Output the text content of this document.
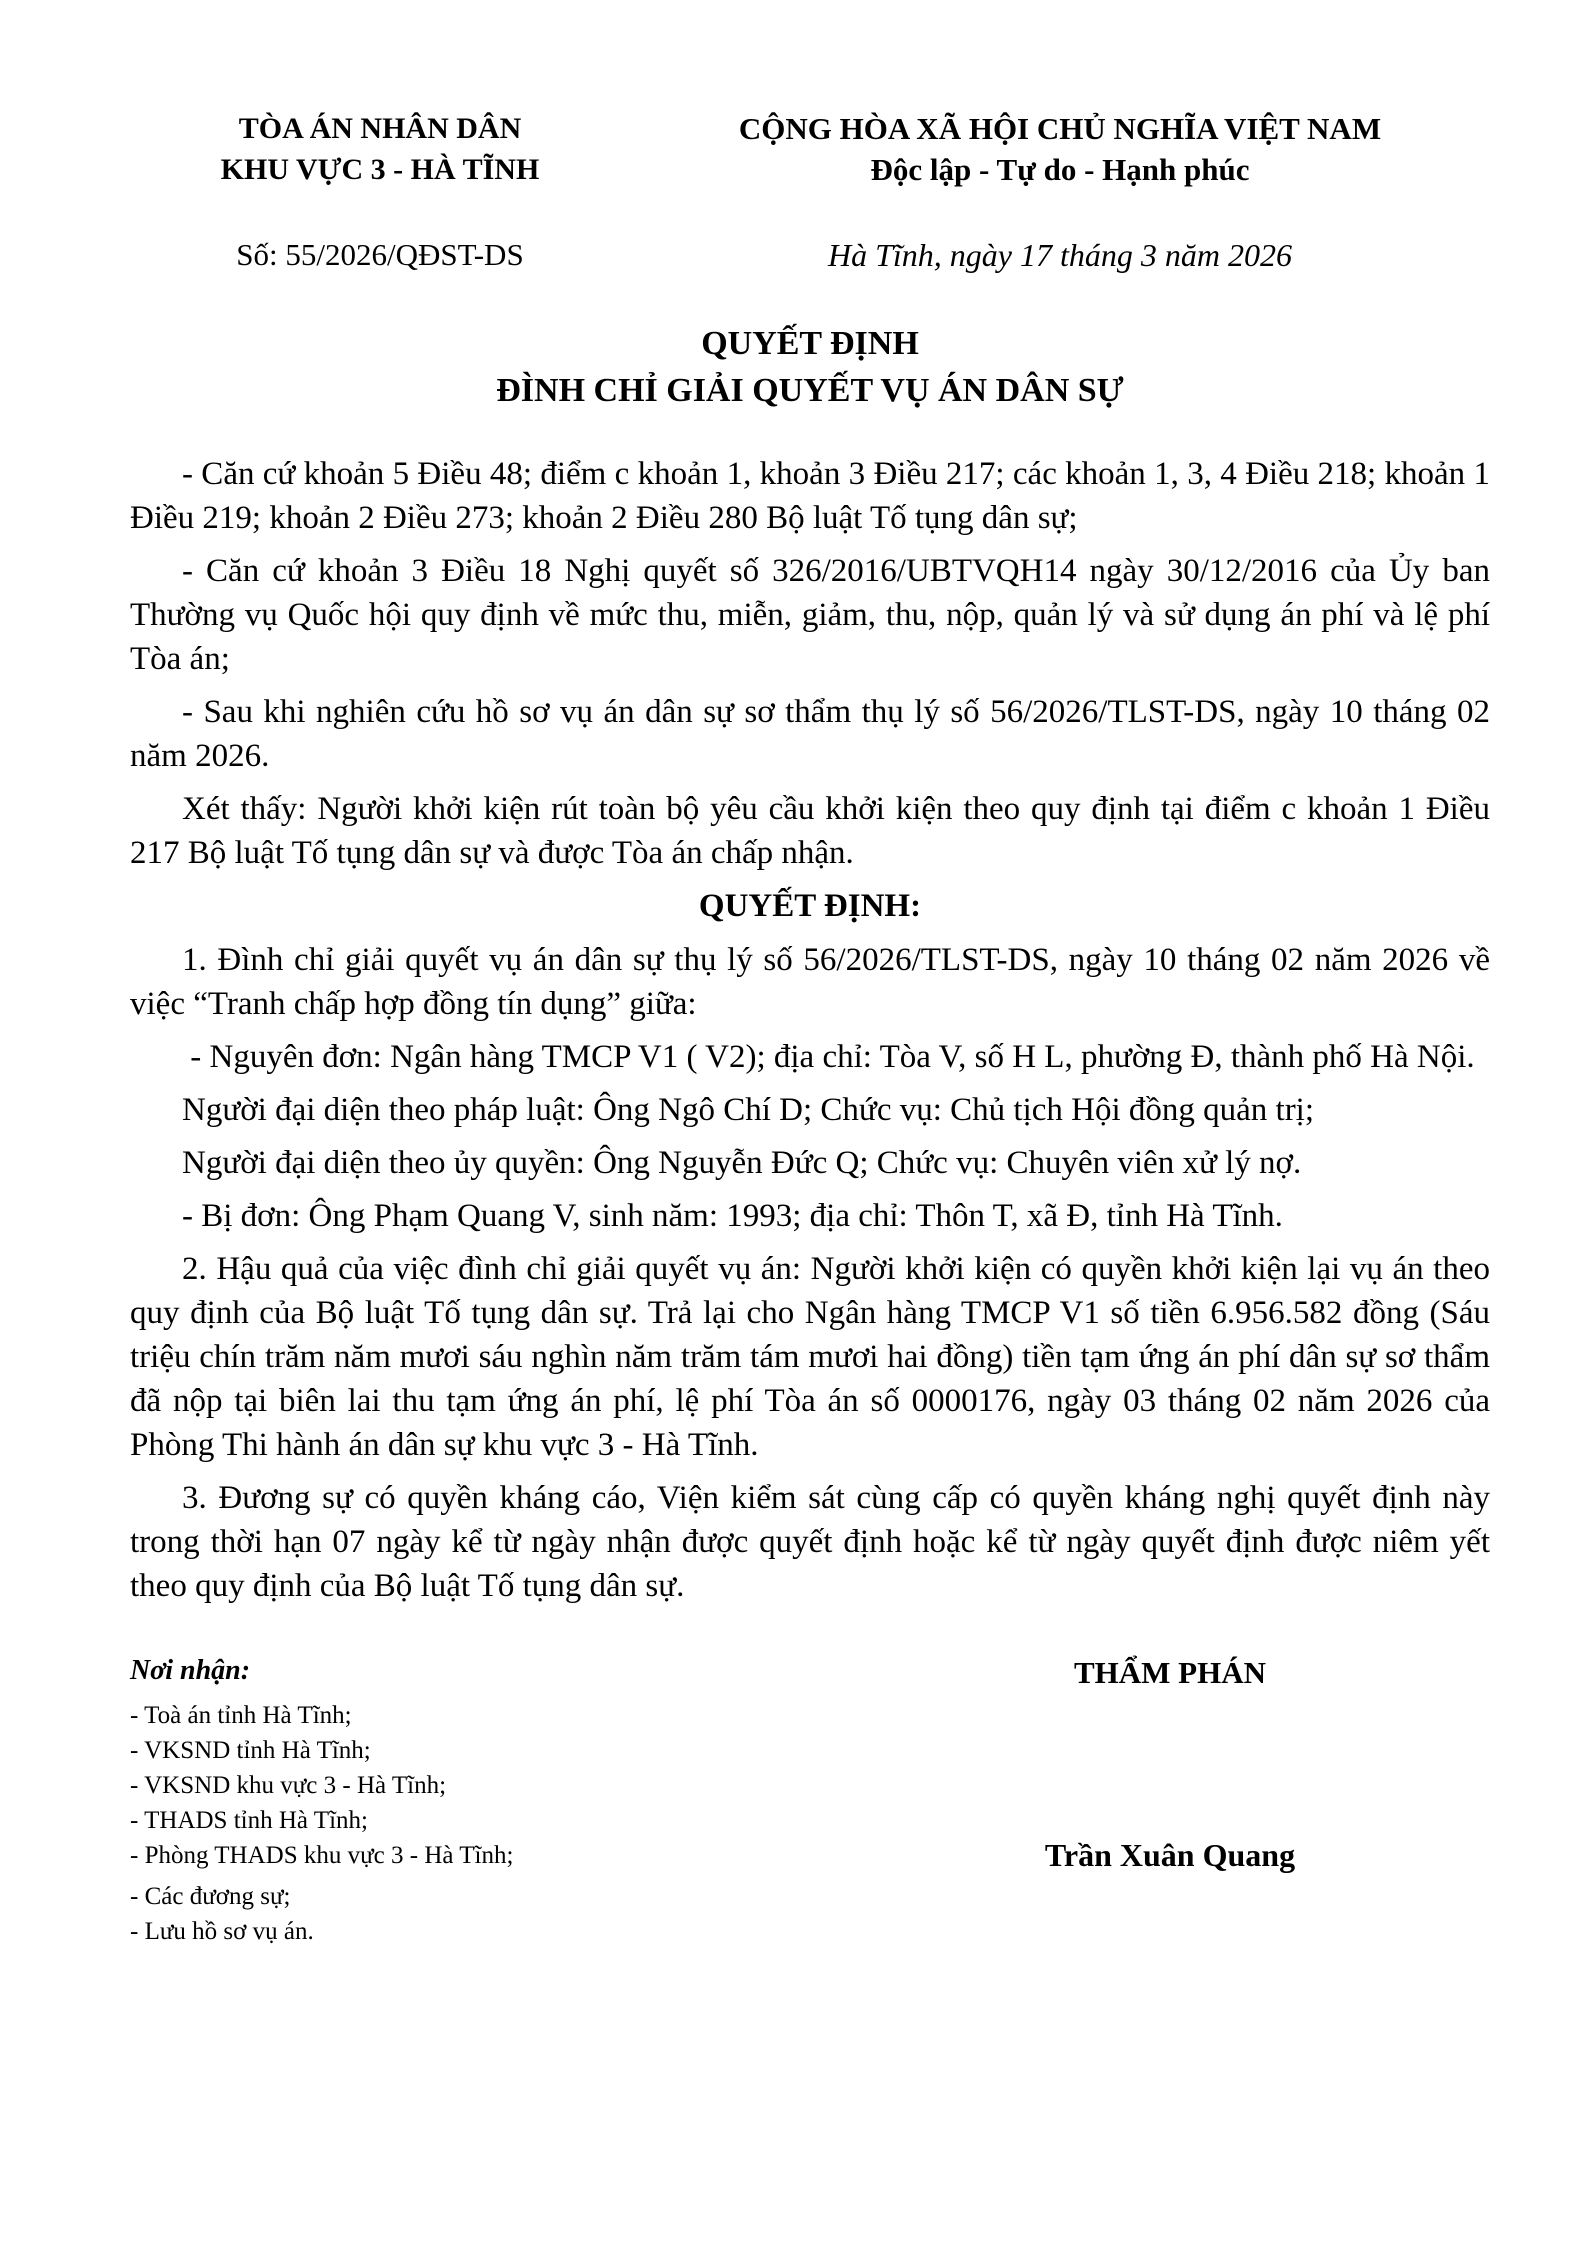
TÒA ÁN NHÂN DÂN
KHU VỰC 3 - HÀ TĨNH
Số: 55/2026/QĐST-DS
CỘNG HÒA XÃ HỘI CHỦ NGHĨA VIỆT NAM
Độc lập - Tự do - Hạnh phúc
Hà Tĩnh, ngày 17 tháng 3 năm 2026
QUYẾT ĐỊNH
ĐÌNH CHỈ GIẢI QUYẾT VỤ ÁN DÂN SỰ

- Căn cứ khoản 5 Điều 48; điểm c khoản 1, khoản 3 Điều 217; các khoản 1, 3, 4 Điều 218; khoản 1 Điều 219; khoản 2 Điều 273; khoản 2 Điều 280 Bộ luật Tố tụng dân sự;

- Căn cứ khoản 3 Điều 18 Nghị quyết số 326/2016/UBTVQH14 ngày 30/12/2016 của Ủy ban Thường vụ Quốc hội quy định về mức thu, miễn, giảm, thu, nộp, quản lý và sử dụng án phí và lệ phí Tòa án;

- Sau khi nghiên cứu hồ sơ vụ án dân sự sơ thẩm thụ lý số 56/2026/TLST-DS, ngày 10 tháng 02 năm 2026.

Xét thấy: Người khởi kiện rút toàn bộ yêu cầu khởi kiện theo quy định tại điểm c khoản 1 Điều 217 Bộ luật Tố tụng dân sự và được Tòa án chấp nhận.

QUYẾT ĐỊNH:

1. Đình chỉ giải quyết vụ án dân sự thụ lý số 56/2026/TLST-DS, ngày 10 tháng 02 năm 2026 về việc “Tranh chấp hợp đồng tín dụng” giữa:

- Nguyên đơn: Ngân hàng TMCP V1 ( V2); địa chỉ: Tòa V, số H L, phường Đ, thành phố Hà Nội.

Người đại diện theo pháp luật: Ông Ngô Chí D; Chức vụ: Chủ tịch Hội đồng quản trị;

Người đại diện theo ủy quyền: Ông Nguyễn Đức Q; Chức vụ: Chuyên viên xử lý nợ.

- Bị đơn: Ông Phạm Quang V, sinh năm: 1993; địa chỉ: Thôn T, xã Đ, tỉnh Hà Tĩnh.

2. Hậu quả của việc đình chỉ giải quyết vụ án: Người khởi kiện có quyền khởi kiện lại vụ án theo quy định của Bộ luật Tố tụng dân sự. Trả lại cho Ngân hàng TMCP V1 số tiền 6.956.582 đồng (Sáu triệu chín trăm năm mươi sáu nghìn năm trăm tám mươi hai đồng) tiền tạm ứng án phí dân sự sơ thẩm đã nộp tại biên lai thu tạm ứng án phí, lệ phí Tòa án số 0000176, ngày 03 tháng 02 năm 2026 của Phòng Thi hành án dân sự khu vực 3 - Hà Tĩnh.

3. Đương sự có quyền kháng cáo, Viện kiểm sát cùng cấp có quyền kháng nghị quyết định này trong thời hạn 07 ngày kể từ ngày nhận được quyết định hoặc kể từ ngày quyết định được niêm yết theo quy định của Bộ luật Tố tụng dân sự.

Nơi nhận:
- Toà án tỉnh Hà Tĩnh;
- VKSND tỉnh Hà Tĩnh;
- VKSND khu vực 3 - Hà Tĩnh;
- THADS tỉnh Hà Tĩnh;
- Phòng THADS khu vực 3 - Hà Tĩnh;
- Các đương sự;
- Lưu hồ sơ vụ án.
THẨM PHÁN
Trần Xuân Quang
